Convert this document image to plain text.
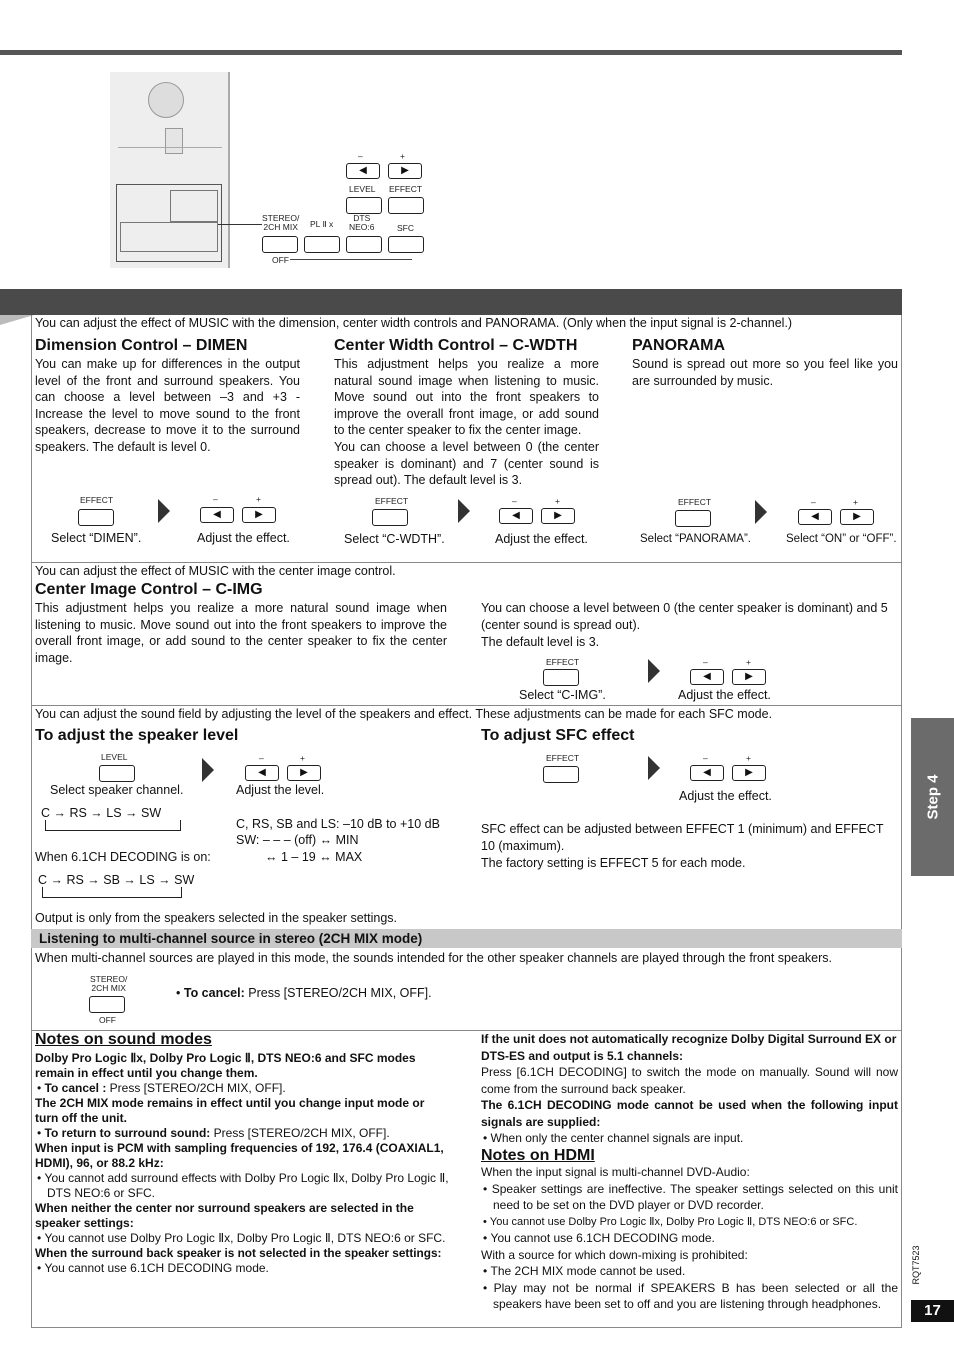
–	+
◀	▶
LEVEL EFFECT
STEREO/
2CH MIX PL Ⅱ x
DTS
NEO:6	SFC
OFF
You can adjust the effect of MUSIC with the dimension, center width controls and PANORAMA. (Only when the input signal is 2-channel.)
Dimension Control – DIMEN
You can make up for differences in the output level of the front and surround speakers. You can choose a level between –3 and +3 - Increase the level to move sound to the front speakers, decrease to move it to the surround speakers. The default is level 0.
Center Width Control – C-WDTH
This adjustment helps you realize a more natural sound image when listening to music. Move sound out into the front speakers to improve the overall front image, or add sound to the center speaker to fix the center image.
You can choose a level between 0 (the center speaker is dominant) and 7 (center sound is spread out). The default level is 3.
PANORAMA
Sound is spread out more so you feel like you are surrounded by music.
EFFECT	–	+
◀	▶
Select “DIMEN”.	Adjust the effect.
EFFECT	–	+
◀	▶
Select “C-WDTH”.	Adjust the effect.
EFFECT	–	+
◀	▶
Select “PANORAMA”.	Select “ON” or “OFF”.
You can adjust the effect of MUSIC with the center image control.
Center Image Control – C-IMG
This adjustment helps you realize a more natural sound image when listening to music. Move sound out into the front speakers to improve the overall front image, or add sound to the center speaker to fix the center image.
You can choose a level between 0 (the center speaker is dominant) and 5 (center sound is spread out).
The default level is 3.
EFFECT	–	+
◀	▶
Select “C-IMG”.	Adjust the effect.
You can adjust the sound field by adjusting the level of the speakers and effect. These adjustments can be made for each SFC mode.
To adjust the speaker level
LEVEL	–	+
◀	▶
Select speaker channel.	Adjust the level.
C → RS → LS → SW
C, RS, SB and LS: –10 dB to +10 dB
SW: – – – (off) ↔ MIN
↔ 1 – 19 ↔ MAX
When 6.1CH DECODING is on:
C → RS → SB → LS → SW
Output is only from the speakers selected in the speaker settings.
To adjust SFC effect
EFFECT	–	+
◀	▶
Adjust the effect.
SFC effect can be adjusted between EFFECT 1 (minimum) and EFFECT 10 (maximum).
The factory setting is EFFECT 5 for each mode.
Listening to multi-channel source in stereo (2CH MIX mode)
When multi-channel sources are played in this mode, the sounds intended for the other speaker channels are played through the front speakers.
STEREO/
2CH MIX
OFF
• To cancel: Press [STEREO/2CH MIX, OFF].
Notes on sound modes
Dolby Pro Logic Ⅱx, Dolby Pro Logic Ⅱ, DTS NEO:6 and SFC modes remain in effect until you change them.
• To cancel : Press [STEREO/2CH MIX, OFF].
The 2CH MIX mode remains in effect until you change input mode or turn off the unit.
• To return to surround sound: Press [STEREO/2CH MIX, OFF].
When input is PCM with sampling frequencies of 192, 176.4 (COAXIAL1, HDMI), 96, or 88.2 kHz:
• You cannot add surround effects with Dolby Pro Logic Ⅱx, Dolby Pro Logic Ⅱ, DTS NEO:6 or SFC.
When neither the center nor surround speakers are selected in the speaker settings:
• You cannot use Dolby Pro Logic Ⅱx, Dolby Pro Logic Ⅱ, DTS NEO:6 or SFC.
When the surround back speaker is not selected in the speaker settings:
• You cannot use 6.1CH DECODING mode.
If the unit does not automatically recognize Dolby Digital Surround EX or DTS-ES and output is 5.1 channels:
Press [6.1CH DECODING] to switch the mode on manually. Sound will now come from the surround back speaker.
The 6.1CH DECODING mode cannot be used when the following input signals are supplied:
• When only the center channel signals are input.
Notes on HDMI
When the input signal is multi-channel DVD-Audio:
• Speaker settings are ineffective. The speaker settings selected on this unit need to be set on the DVD player or DVD recorder.
• You cannot use Dolby Pro Logic Ⅱx, Dolby Pro Logic Ⅱ, DTS NEO:6 or SFC.
• You cannot use 6.1CH DECODING mode.
With a source for which down-mixing is prohibited:
• The 2CH MIX mode cannot be used.
• Play may not be normal if SPEAKERS B has been selected or all the speakers have been set to off and you are listening through headphones.
Step 4
RQT7523
17
